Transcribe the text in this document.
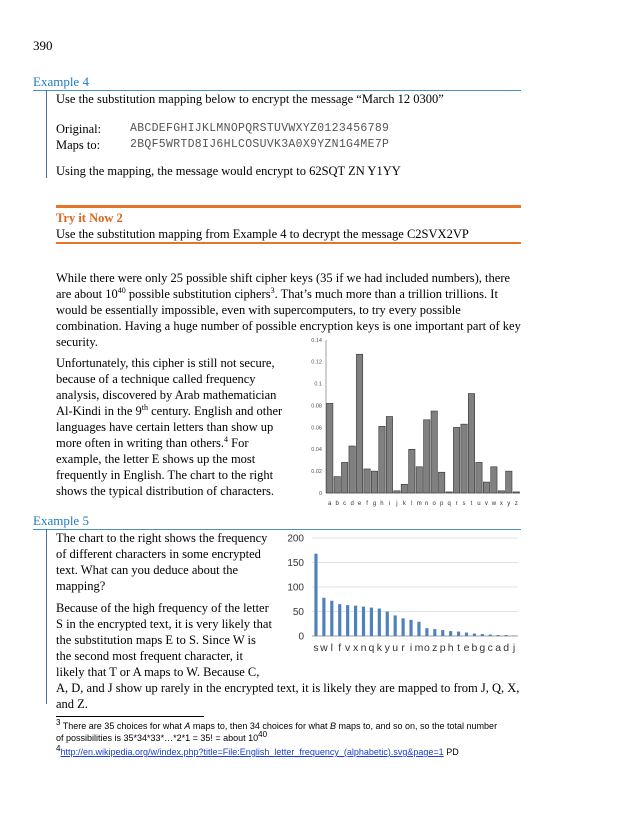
390
Example 4
Use the substitution mapping below to encrypt the message “March 12 0300”
Original:	ABCDEFGHIJKLMNOPQRSTUVWXYZ0123456789
Maps to:	2BQF5WRTD8IJ6HLCOSUVK3A0X9YZN1G4ME7P
Using the mapping, the message would encrypt to 62SQT ZN Y1YY
Try it Now 2
Use the substitution mapping from Example 4 to decrypt the message C2SVX2VP
While there were only 25 possible shift cipher keys (35 if we had included numbers), there
are about $10^{40}$ possible substitution ciphers$^3$. That’s much more than a trillion trillions. It
would be essentially impossible, even with supercomputers, to try every possible
combination. Having a huge number of possible encryption keys is one important part of key
security.
Unfortunately, this cipher is still not secure,
because of a technique called frequency
analysis, discovered by Arab mathematician
Al-Kindi in the 9th century. English and other
languages have certain letters than show up
more often in writing than others.$^4$ For
example, the letter E shows up the most
frequently in English. The chart to the right
shows the typical distribution of characters.	0
0.02
0.04
0.06
0.08
0.1
0.12
0.14
a b c d e f g h i j k l m n o p q r s t u v w x y z
Example 5
The chart to the right shows the frequency
of different characters in some encrypted
text. What can you deduce about the
mapping?
Because of the high frequency of the letter
S in the encrypted text, it is very likely that
the substitution maps E to S. Since W is
the second most frequent character, it
likely that T or A maps to W. Because C,
A, D, and J show up rarely in the encrypted text, it is likely they are mapped to from J, Q, X,
and Z.
0
50
100
150
200
s w l f v x n q k y u r i m o z p h t e b g c a d j
$^3$ There are 35 choices for what A maps to, then 34 choices for what B maps to, and so on, so the total number
of possibilities is 35*34*33*…*2*1 = 35! = about $10^{40}$
$^4$http://en.wikipedia.org/w/index.php?title=File:English_letter_frequency_(alphabetic).svg&page=1 PD
